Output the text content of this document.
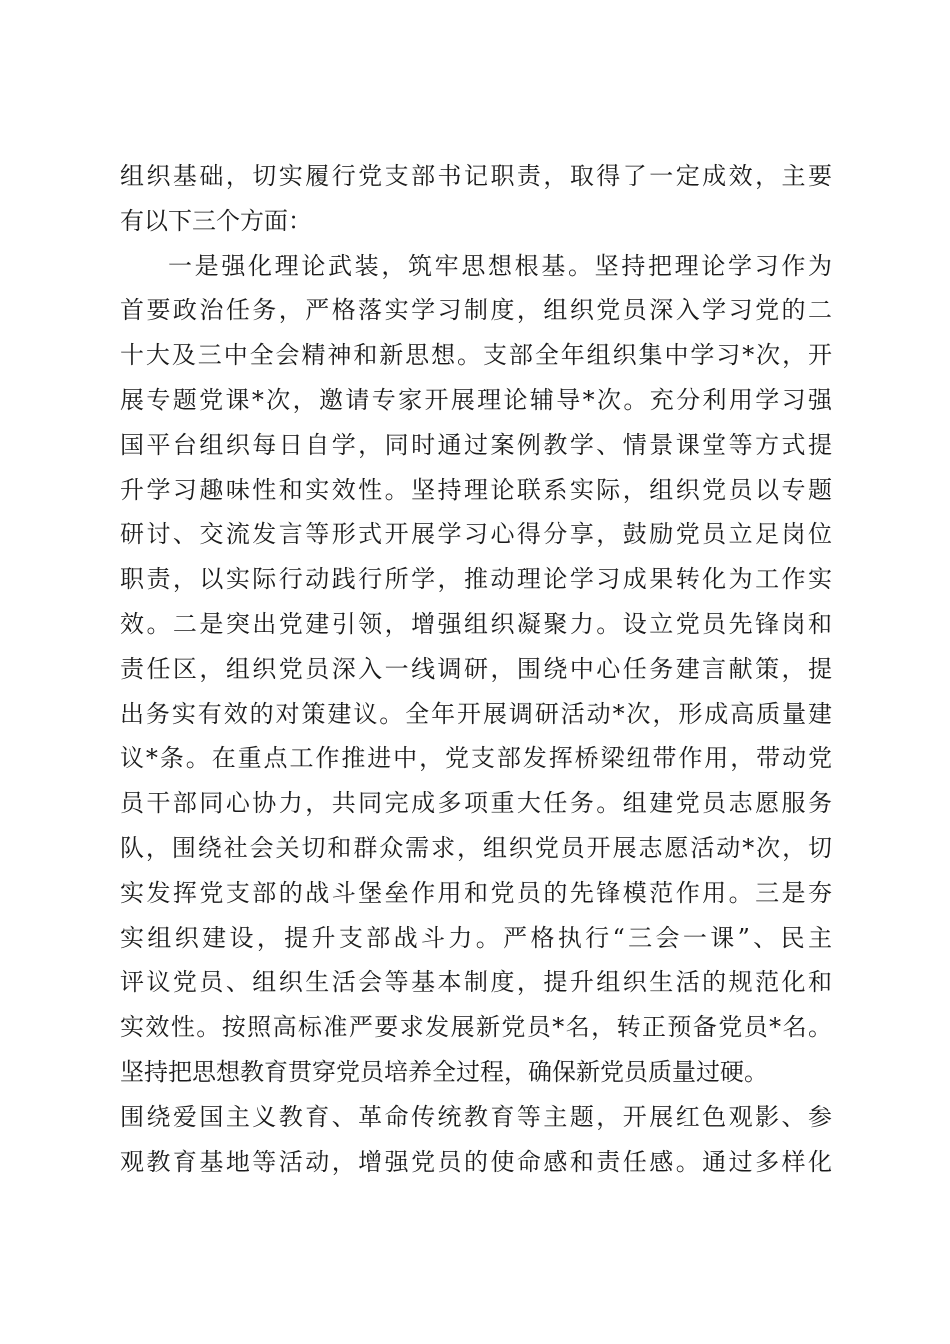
组织基础，切实履行党支部书记职责，取得了一定成效，主要
有以下三个方面：
一是强化理论武装，筑牢思想根基。坚持把理论学习作为
首要政治任务，严格落实学习制度，组织党员深入学习党的二
十大及三中全会精神和新思想。支部全年组织集中学习*次，开
展专题党课*次，邀请专家开展理论辅导*次。充分利用学习强
国平台组织每日自学，同时通过案例教学、情景课堂等方式提
升学习趣味性和实效性。坚持理论联系实际，组织党员以专题
研讨、交流发言等形式开展学习心得分享，鼓励党员立足岗位
职责，以实际行动践行所学，推动理论学习成果转化为工作实
效。二是突出党建引领，增强组织凝聚力。设立党员先锋岗和
责任区，组织党员深入一线调研，围绕中心任务建言献策，提
出务实有效的对策建议。全年开展调研活动*次，形成高质量建
议*条。在重点工作推进中，党支部发挥桥梁纽带作用，带动党
员干部同心协力，共同完成多项重大任务。组建党员志愿服务
队，围绕社会关切和群众需求，组织党员开展志愿活动*次，切
实发挥党支部的战斗堡垒作用和党员的先锋模范作用。三是夯
实组织建设，提升支部战斗力。严格执行“三会一课”、民主
评议党员、组织生活会等基本制度，提升组织生活的规范化和
实效性。按照高标准严要求发展新党员*名，转正预备党员*名。
坚持把思想教育贯穿党员培养全过程，确保新党员质量过硬。
围绕爱国主义教育、革命传统教育等主题，开展红色观影、参
观教育基地等活动，增强党员的使命感和责任感。通过多样化
